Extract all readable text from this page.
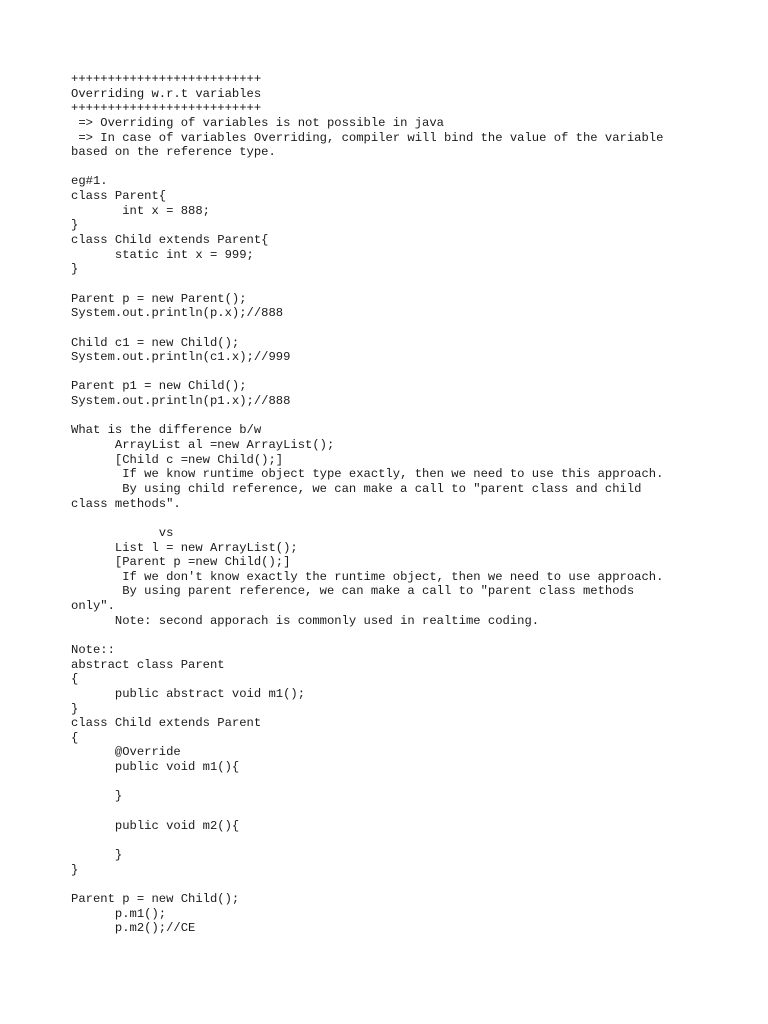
++++++++++++++++++++++++++
Overriding w.r.t variables
++++++++++++++++++++++++++
=> Overriding of variables is not possible in java
=> In case of variables Overriding, compiler will bind the value of the variable
based on the reference type.
eg#1.
class Parent{
int x = 888;
}
class Child extends Parent{
static int x = 999;
}
Parent p = new Parent();
System.out.println(p.x);//888
Child c1 = new Child();
System.out.println(c1.x);//999
Parent p1 = new Child();
System.out.println(p1.x);//888
What is the difference b/w
ArrayList al =new ArrayList();
[Child c =new Child();]
If we know runtime object type exactly, then we need to use this approach.
By using child reference, we can make a call to "parent class and child
class methods".
vs
List l = new ArrayList();
[Parent p =new Child();]
If we don't know exactly the runtime object, then we need to use approach.
By using parent reference, we can make a call to "parent class methods
only".
Note: second apporach is commonly used in realtime coding.
Note::
abstract class Parent
{
public abstract void m1();
}
class Child extends Parent
{
@Override
public void m1(){
}
public void m2(){
}
}
Parent p = new Child();
p.m1();
p.m2();//CE
